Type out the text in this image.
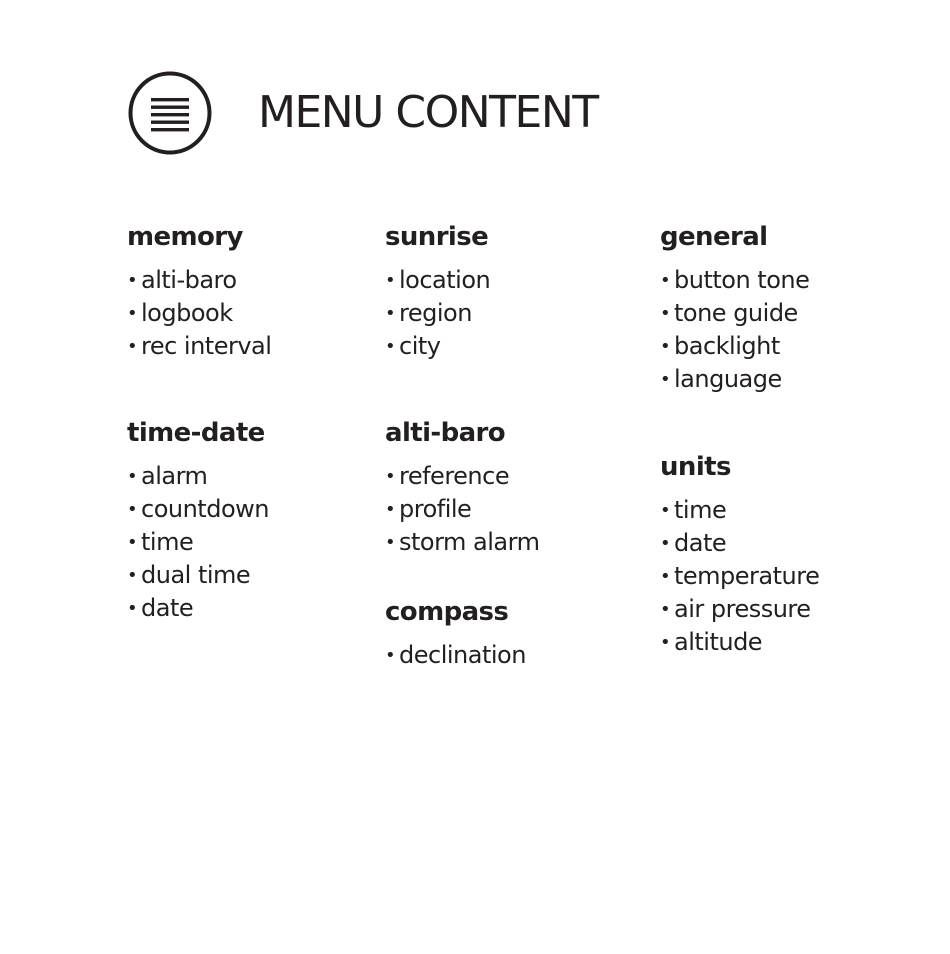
MENU CONTENT
memory
• alti-baro
• logbook
• rec interval
time-date
• alarm
• countdown
• time
• dual time
• date
sunrise
• location
• region
• city
alti-baro
• reference
• profile
• storm alarm
compass
• declination
general
• button tone
• tone guide
• backlight
• language
units
• time
• date
• temperature
• air pressure
• altitude
